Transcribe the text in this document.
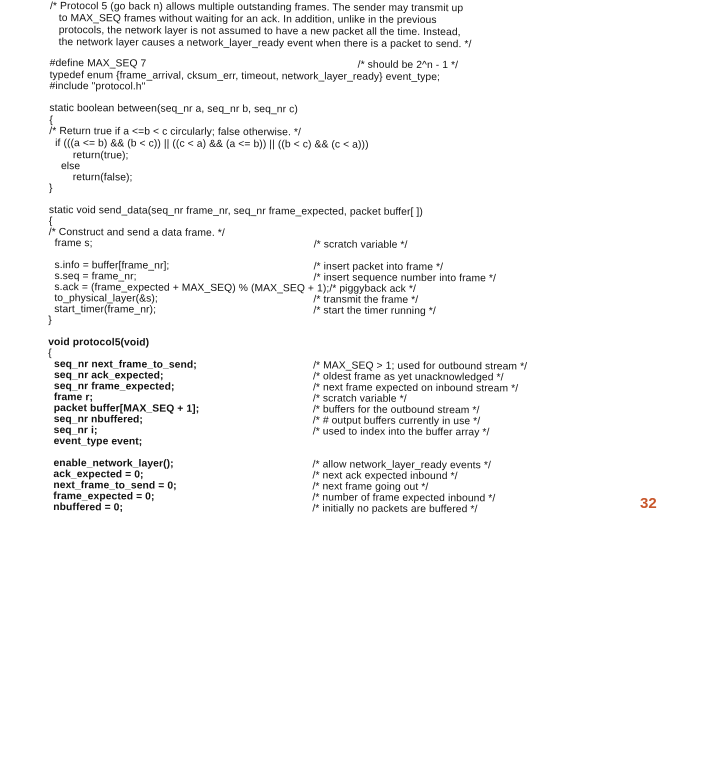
/* Protocol 5 (go back n) allows multiple outstanding frames. The sender may transmit up

to MAX_SEQ frames without waiting for an ack. In addition, unlike in the previous

protocols, the network layer is not assumed to have a new packet all the time. Instead,

the network layer causes a network_layer_ready event when there is a packet to send. */

#define MAX_SEQ 7

	/* should be 2^n - 1 */

typedef enum {frame_arrival, cksum_err, timeout, network_layer_ready} event_type;

#include "protocol.h"

static boolean between(seq_nr a, seq_nr b, seq_nr c)

{

/* Return true if a <=b < c circularly; false otherwise. */

if (((a <= b) && (b < c)) || ((c < a) && (a <= b)) || ((b < c) && (c < a)))

return(true);

else

return(false);

}

static void send_data(seq_nr frame_nr, seq_nr frame_expected, packet buffer[ ])

{

/* Construct and send a data frame. */

frame s;

	/* scratch variable */

s.info = buffer[frame_nr];

	/* insert packet into frame */

s.seq = frame_nr;

	/* insert sequence number into frame */

s.ack = (frame_expected + MAX_SEQ) % (MAX_SEQ + 1);/* piggyback ack */

to_physical_layer(&s);

	/* transmit the frame */

start_timer(frame_nr);

	/* start the timer running */

}

void protocol5(void)

{

seq_nr next_frame_to_send;

	/* MAX_SEQ > 1; used for outbound stream */

seq_nr ack_expected;

	/* oldest frame as yet unacknowledged */

seq_nr frame_expected;

	/* next frame expected on inbound stream */

frame r;

	/* scratch variable */

packet buffer[MAX_SEQ + 1];

	/* buffers for the outbound stream */

seq_nr nbuffered;

	/* # output buffers currently in use */

seq_nr i;

	/* used to index into the buffer array */

event_type event;

enable_network_layer();

	/* allow network_layer_ready events */

ack_expected = 0;

	/* next ack expected inbound */

next_frame_to_send = 0;

	/* next frame going out */

frame_expected = 0;

	/* number of frame expected inbound */

nbuffered = 0;

	/* initially no packets are buffered */

	32
